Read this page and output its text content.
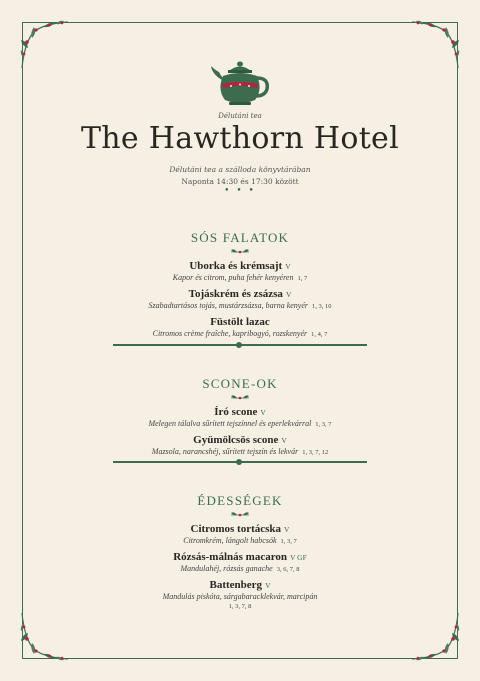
Délutáni tea
The Hawthorn Hotel
Délutáni tea a szálloda könyvtárában
Naponta 14:30 és 17:30 között
• • •
SÓS FALATOK
Uborka és krémsajt V
Kapor és citrom, puha fehér kenyéren 1, 7
Tojáskrém és zsázsa V
Szabadtartásos tojás, mustárzsázsa, barna kenyér 1, 3, 10
Füstölt lazac
Citromos crème fraîche, kapribogyó, rozskenyér 1, 4, 7
SCONE-OK
Író scone V
Melegen tálalva sűrített tejszínnel és eperlekvárral 1, 3, 7
Gyümölcsös scone V
Mazsola, narancshéj, sűrített tejszín és lekvár 1, 3, 7, 12
ÉDESSÉGEK
Citromos tortácska V
Citromkrém, lángolt habcsók 1, 3, 7
Rózsás-málnás macaron V GF
Mandulahéj, rózsás ganache 3, 6, 7, 8
Battenberg V
Mandulás piskóta, sárgabaracklekvár, marcipán
1, 3, 7, 8
